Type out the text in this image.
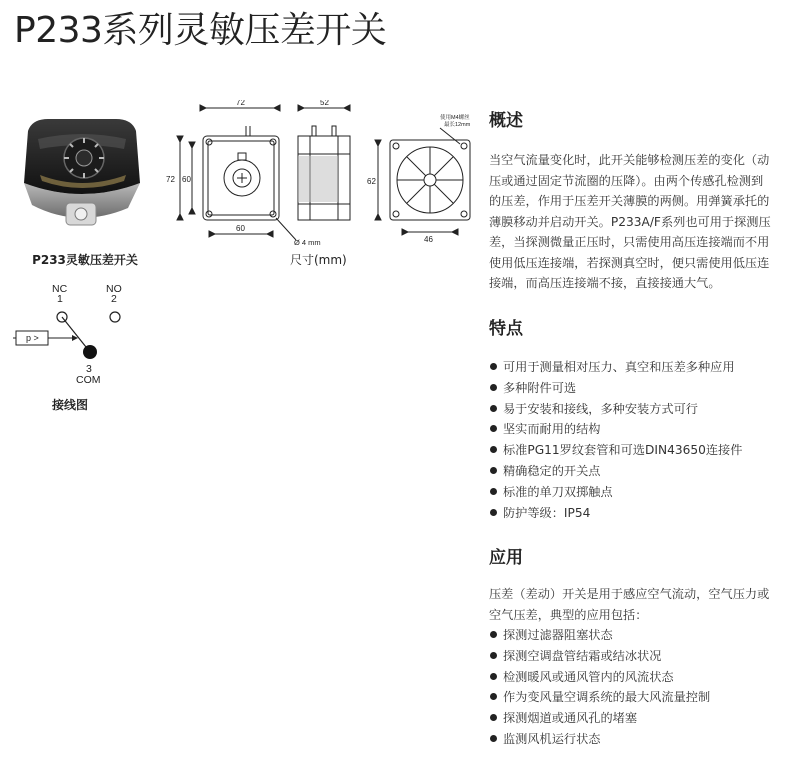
P233系列灵敏压差开关
P233灵敏压差开关
72
72 60
60
Ø 4 mm
52
62
46
使用M4螺丝
最长12mm
尺寸(mm)
NC
1
NO
2
p >
3
COM
接线图
概述

当空气流量变化时，此开关能够检测压差的变化（动

压或通过固定节流圈的压降）。由两个传感孔检测到

的压差，作用于压差开关薄膜的两侧。用弹簧承托的

薄膜移动并启动开关。P233A/F系列也可用于探测压

差，当探测微量正压时，只需使用高压连接端而不用

使用低压连接端，若探测真空时，便只需使用低压连

接端，而高压连接端不接，直接接通大气。

特点
可用于测量相对压力、真空和压差多种应用
多种附件可选
易于安装和接线，多种安装方式可行
坚实而耐用的结构
标准PG11罗纹套管和可选DIN43650连接件
精确稳定的开关点
标准的单刀双掷触点
防护等级：IP54
应用

压差（差动）开关是用于感应空气流动，空气压力或

空气压差，典型的应用包括：

探测过滤器阻塞状态
探测空调盘管结霜或结冰状况
检测暖风或通风管内的风流状态
作为变风量空调系统的最大风流量控制
探测烟道或通风孔的堵塞
监测风机运行状态
